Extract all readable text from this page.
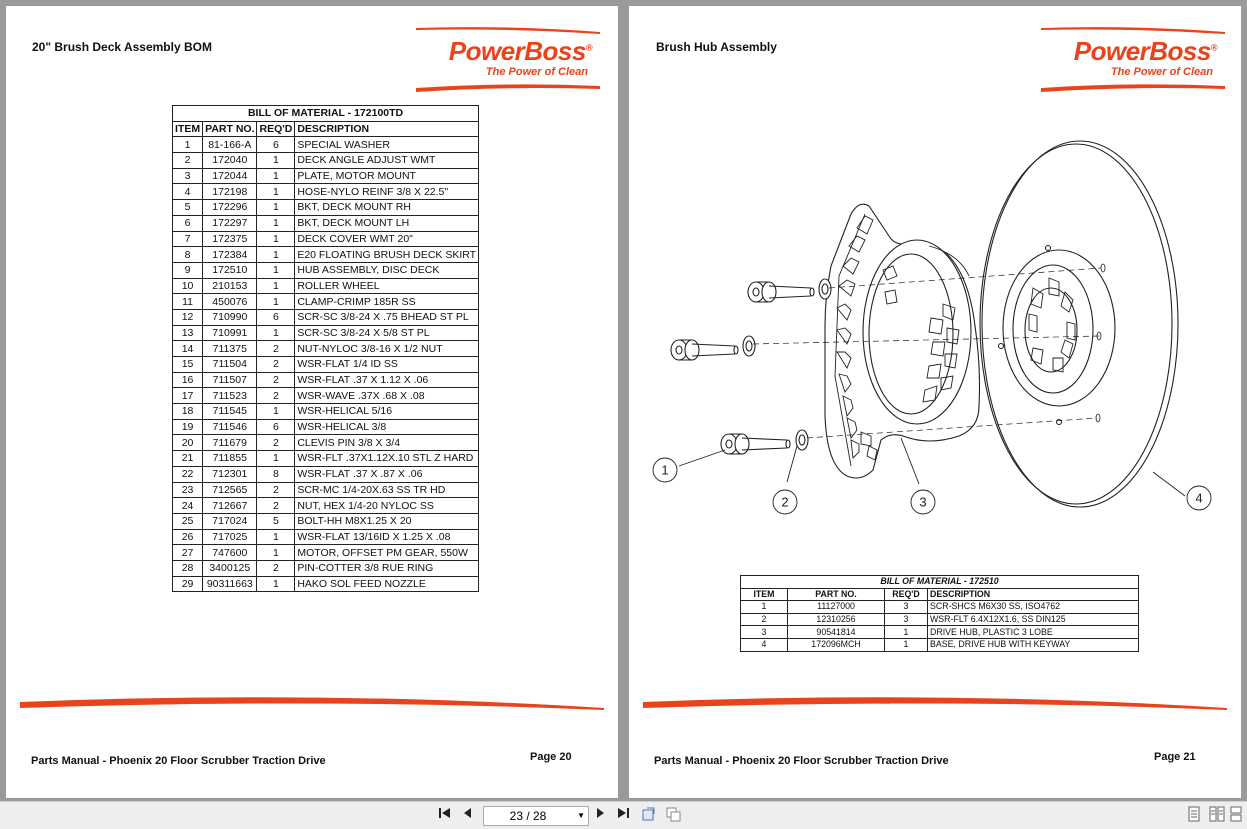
20" Brush Deck Assembly BOM	PowerBoss®
The Power of Clean
BILL OF MATERIAL - 172100TD			
ITEM	PART NO.	REQ'D	DESCRIPTION
1	81-166-A	6	SPECIAL WASHER
2	172040	1	DECK ANGLE ADJUST WMT
3	172044	1	PLATE, MOTOR MOUNT
4	172198	1	HOSE-NYLO REINF 3/8 X 22.5"
5	172296	1	BKT, DECK MOUNT RH
6	172297	1	BKT, DECK MOUNT LH
7	172375	1	DECK COVER WMT 20"
8	172384	1	E20 FLOATING BRUSH DECK SKIRT
9	172510	1	HUB ASSEMBLY, DISC DECK
10	210153	1	ROLLER WHEEL
11	450076	1	CLAMP-CRIMP 185R SS
12	710990	6	SCR-SC 3/8-24 X .75 BHEAD ST PL
13	710991	1	SCR-SC 3/8-24 X 5/8 ST PL
14	711375	2	NUT-NYLOC 3/8-16 X 1/2 NUT
15	711504	2	WSR-FLAT 1/4 ID SS
16	711507	2	WSR-FLAT .37 X 1.12 X .06
17	711523	2	WSR-WAVE .37X .68 X .08
18	711545	1	WSR-HELICAL 5/16
19	711546	6	WSR-HELICAL 3/8
20	711679	2	CLEVIS PIN 3/8 X 3/4
21	711855	1	WSR-FLT .37X1.12X.10 STL Z HARD
22	712301	8	WSR-FLAT .37 X .87 X .06
23	712565	2	SCR-MC 1/4-20X.63 SS TR HD
24	712667	2	NUT, HEX 1/4-20 NYLOC SS
25	717024	5	BOLT-HH M8X1.25 X 20
26	717025	1	WSR-FLAT 13/16ID X 1.25 X .08
27	747600	1	MOTOR, OFFSET PM GEAR, 550W
28	3400125	2	PIN-COTTER 3/8 RUE RING
29	90311663	1	HAKO SOL FEED NOZZLE
Parts Manual - Phoenix 20 Floor Scrubber Traction Drive	Page 20
Brush Hub Assembly	PowerBoss®
The Power of Clean
1
2	3	4
BILL OF MATERIAL - 172510			
ITEM	PART NO.	REQ'D	DESCRIPTION
1	11127000	3	SCR-SHCS M6X30 SS, ISO4762
2	12310256	3	WSR-FLT 6.4X12X1.6, SS DIN125
3	90541814	1	DRIVE HUB, PLASTIC 3 LOBE
4	172096MCH	1	BASE, DRIVE HUB WITH KEYWAY
Parts Manual - Phoenix 20 Floor Scrubber Traction Drive	Page 21
23 / 28	▼
